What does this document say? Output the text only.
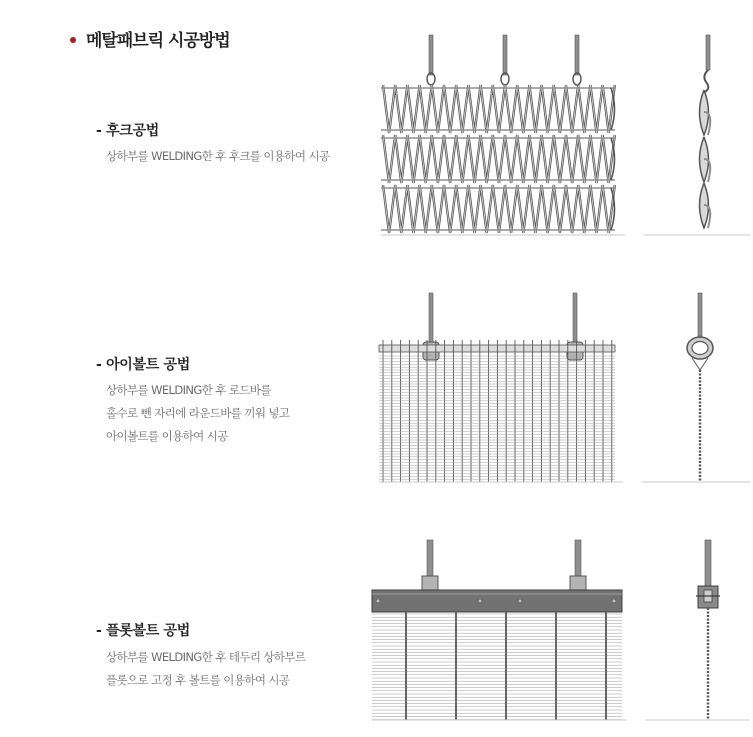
메탈패브릭 시공방법
- 후크공법
상하부를 WELDING한 후 후크를 이용하여 시공
- 아이볼트 공법
상하부를 WELDING한 후 로드바를
홀수로 뺀 자리에 라운드바를 끼워 넣고
아이볼트를 이용하여 시공
- 플롯볼트 공법
상하부를 WELDING한 후 테두리 상하부르
플롯으로 고정 후 볼트를 이용하여 시공
